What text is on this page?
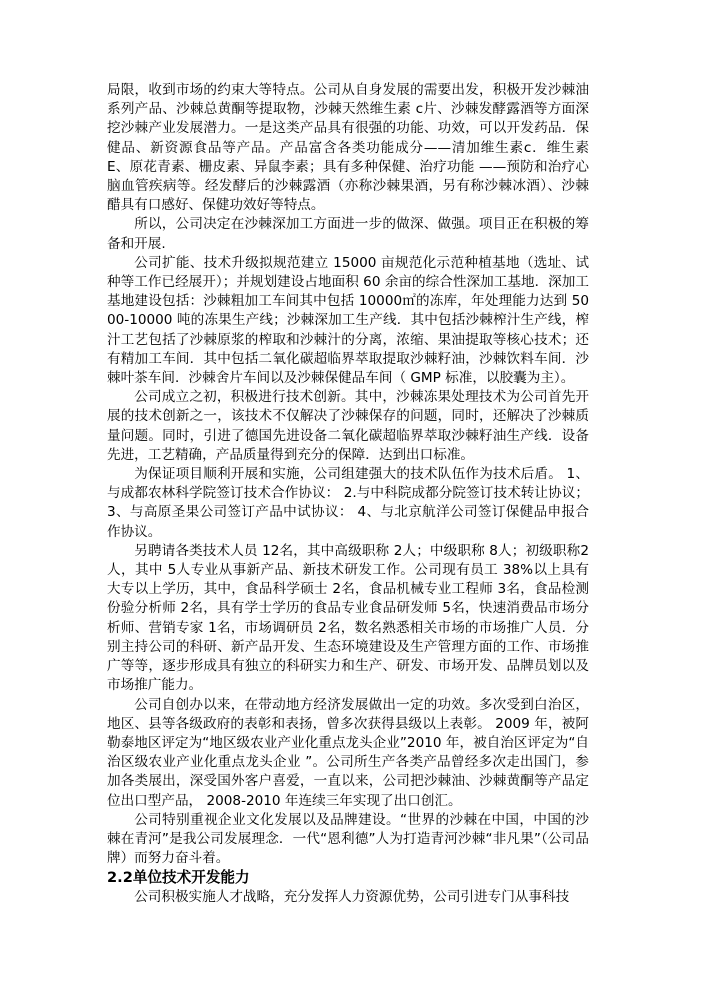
局限，收到市场的约束大等特点。公司从自身发展的需要出发，积极开发沙棘油系列产品、沙棘总黄酮等提取物，沙棘天然维生素 c片、沙棘发酵露酒等方面深挖沙棘产业发展潜力。一是这类产品具有很强的功能、功效，可以开发药品．保健品、新资源食品等产品。产品富含各类功能成分——清加维生素c．维生素 E、原花青素、栅皮素、异鼠李素；具有多种保健、治疗功能 ——预防和治疗心脑血管疾病等。经发酵后的沙棘露酒（亦称沙棘果酒，另有称沙棘冰酒）、沙棘醋具有口感好、保健功效好等特点。

所以，公司决定在沙棘深加工方面进一步的做深、做强。项目正在积极的筹备和开展.

公司扩能、技术升级拟规范建立 15000 亩规范化示范种植基地（选址、试种等工作已经展开）；并规划建设占地面积 60 余亩的综合性深加工基地．深加工基地建设包括：沙棘粗加工车间其中包括 10000㎡的冻库，年处理能力达到 5000-10000 吨的冻果生产线；沙棘深加工生产线．其中包括沙棘榨汁生产线，榨汁工艺包括了沙棘原浆的榨取和沙棘汁的分离，浓缩、果油提取等核心技术；还有精加工车间．其中包括二氧化碳超临界萃取提取沙棘籽油，沙棘饮料车间．沙棘叶茶车间．沙棘舍片车间以及沙棘保健品车间（ GMP 标准，以胶囊为主）。

公司成立之初，积极进行技术创新。其中，沙棘冻果处理技术为公司首先开展的技术创新之一，该技术不仅解决了沙棘保存的问题，同时，还解决了沙棘质量问题。同时，引进了德国先进设备二氧化碳超临界萃取沙棘籽油生产线．设备先进，工艺精确，产品质量得到充分的保障．达到出口标准。

为保证项目顺利开展和实施，公司组建强大的技术队伍作为技术后盾。 1、与成都农林科学院签订技术合作协议： 2.与中科院成都分院签订技术转让协议；3、与高原圣果公司签订产品中试协议： 4、与北京航洋公司签订保健品申报合作协议。

另聘请各类技术人员 12名，其中高级职称 2人；中级职称 8人；初级职称2人，其中 5人专业从事新产品、新技术研发工作。公司现有员工 38%以上具有大专以上学历，其中，食品科学硕士 2名，食品机械专业工程师 3名，食品检测份验分析师 2名，具有学士学历的食品专业食品研发师 5名，快速消费品市场分析师、营销专家 1名，市场调研员 2名，数名熟悉相关市场的市场推广人员．分别主持公司的科研、新产品开发、生态环境建设及生产管理方面的工作、市场推广等等，逐步形成具有独立的科研实力和生产、研发、市场开发、品牌员划以及市场推广能力。

公司自创办以来，在带动地方经济发展做出一定的功效。多次受到白治区，地区、县等各级政府的表彰和表扬，曾多次获得县级以上表彰。 2009 年，被阿勒泰地区评定为“地区级农业产业化重点龙头企业”2010 年，被自治区评定为“自治区级农业产业化重点龙头企业 ”。公司所生产各类产品曾经多次走出国门，参加各类展出，深受国外客户喜爱，一直以来，公司把沙棘油、沙棘黄酮等产品定位出口型产品， 2008-2010 年连续三年实现了出口创汇。

公司特别重视企业文化发展以及品牌建设。“世界的沙棘在中国，中国的沙棘在青河”是我公司发展理念．一代“恩利德”人为打造青河沙棘“非凡果”（公司品牌）而努力奋斗着。

2.2单位技术开发能力

公司积极实施人才战略，充分发挥人力资源优势，公司引进专门从事科技
